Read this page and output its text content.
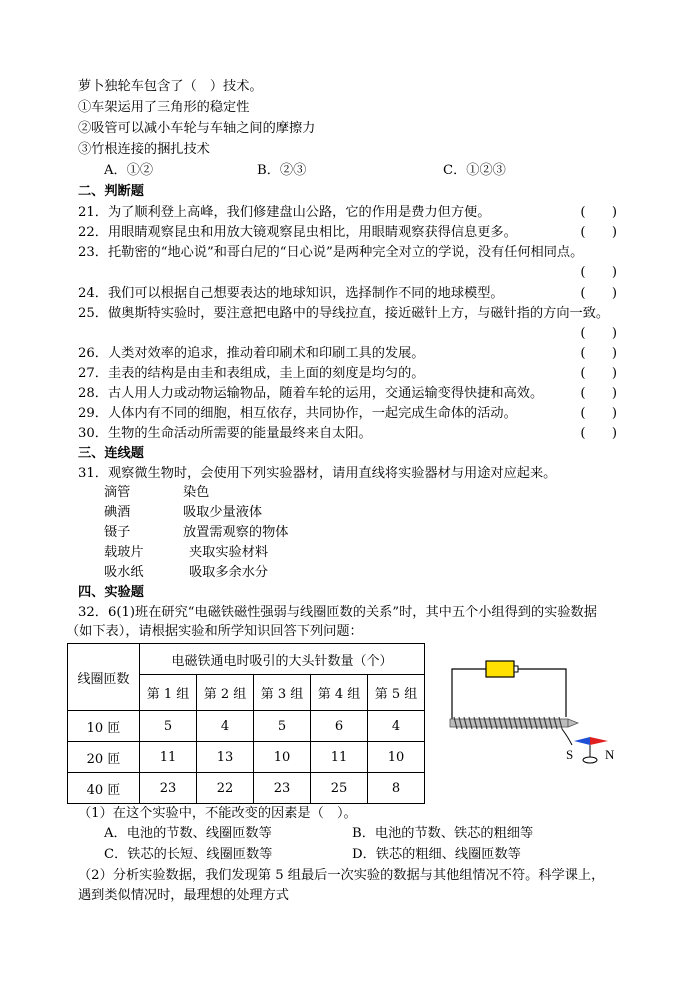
萝卜独轮车包含了（　）技术。
①车架运用了三角形的稳定性
②吸管可以减小车轮与车轴之间的摩擦力
③竹根连接的捆扎技术
A．①②	B．②③	C．①②③
二、判断题
21．为了顺利登上高峰，我们修建盘山公路，它的作用是费力但方便。	(　　)
22．用眼睛观察昆虫和用放大镜观察昆虫相比，用眼睛观察获得信息更多。	(　　)
23．托勒密的“地心说”和哥白尼的“日心说”是两种完全对立的学说，没有任何相同点。
(　　)
24．我们可以根据自己想要表达的地球知识，选择制作不同的地球模型。	(　　)
25．做奥斯特实验时，要注意把电路中的导线拉直，接近磁针上方，与磁针指的方向一致。
(　　)
26．人类对效率的追求，推动着印刷术和印刷工具的发展。	(　　)
27．圭表的结构是由圭和表组成，圭上面的刻度是均匀的。	(　　)
28．古人用人力或动物运输物品，随着车轮的运用，交通运输变得快捷和高效。	(　　)
29．人体内有不同的细胞，相互依存，共同协作，一起完成生命体的活动。	(　　)
30．生物的生命活动所需要的能量最终来自太阳。	(　　)
三、连线题
31．观察微生物时，会使用下列实验器材，请用直线将实验器材与用途对应起来。
滴管	染色
碘酒	吸取少量液体
镊子	放置需观察的物体
载玻片	夹取实验材料
吸水纸	吸取多余水分
四、实验题
32．6(1)班在研究“电磁铁磁性强弱与线圈匝数的关系”时，其中五个小组得到的实验数据
（如下表），请根据实验和所学知识回答下列问题：
线圈匝数	电磁铁通电时吸引的大头针数量（个）				
	第 1 组	第 2 组	第 3 组	第 4 组	第 5 组
10 匝	5	4	5	6	4
20 匝	11	13	10	11	10
40 匝	23	22	23	25	8
S N
（1）在这个实验中，不能改变的因素是（　）。
A．电池的节数、线圈匝数等	B．电池的节数、铁芯的粗细等
C．铁芯的长短、线圈匝数等	D．铁芯的粗细、线圈匝数等
（2）分析实验数据，我们发现第 5 组最后一次实验的数据与其他组情况不符。科学课上，
遇到类似情况时，最理想的处理方式
